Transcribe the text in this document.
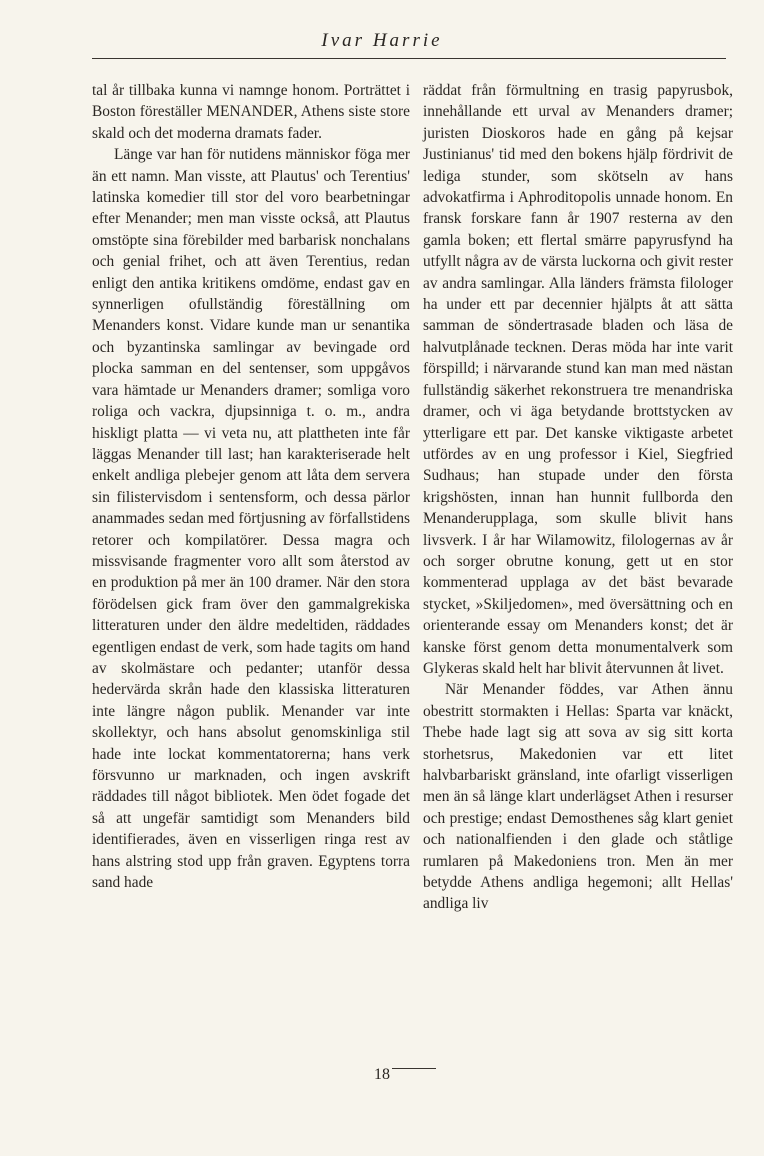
Ivar Harrie

tal år tillbaka kunna vi namnge honom. Porträttet i Boston föreställer MENANDER, Athens siste store skald och det moderna dramats fader.

Länge var han för nutidens människor föga mer än ett namn. Man visste, att Plautus' och Terentius' latinska komedier till stor del voro bearbetningar efter Menander; men man visste också, att Plautus omstöpte sina förebilder med barbarisk nonchalans och genial frihet, och att även Terentius, redan enligt den antika kritikens omdöme, endast gav en synnerligen ofullständig föreställning om Menanders konst. Vidare kunde man ur senantika och byzantinska samlingar av bevingade ord plocka samman en del sentenser, som uppgåvos vara hämtade ur Menanders dramer; somliga voro roliga och vackra, djupsinniga t. o. m., andra hiskligt platta — vi veta nu, att plattheten inte får läggas Menander till last; han karakteriserade helt enkelt andliga plebejer genom att låta dem servera sin filistervisdom i sentensform, och dessa pärlor anammades sedan med förtjusning av förfallstidens retorer och kompilatörer. Dessa magra och missvisande fragmenter voro allt som återstod av en produktion på mer än 100 dramer. När den stora förödelsen gick fram över den gammalgrekiska litteraturen under den äldre medeltiden, räddades egentligen endast de verk, som hade tagits om hand av skolmästare och pedanter; utanför dessa hedervärda skrån hade den klassiska litteraturen inte längre någon publik. Menander var inte skollektyr, och hans absolut genomskinliga stil hade inte lockat kommentatorerna; hans verk försvunno ur marknaden, och ingen avskrift räddades till något bibliotek. Men ödet fogade det så att ungefär samtidigt som Menanders bild identifierades, även en visserligen ringa rest av hans alstring stod upp från graven. Egyptens torra sand hade

räddat från förmultning en trasig papyrusbok, innehållande ett urval av Menanders dramer; juristen Dioskoros hade en gång på kejsar Justinianus' tid med den bokens hjälp fördrivit de lediga stunder, som skötseln av hans advokatfirma i Aphroditopolis unnade honom. En fransk forskare fann år 1907 resterna av den gamla boken; ett flertal smärre papyrusfynd ha utfyllt några av de värsta luckorna och givit rester av andra samlingar. Alla länders främsta filologer ha under ett par decennier hjälpts åt att sätta samman de söndertrasade bladen och läsa de halvutplånade tecknen. Deras möda har inte varit förspilld; i närvarande stund kan man med nästan fullständig säkerhet rekonstruera tre menandriska dramer, och vi äga betydande brottstycken av ytterligare ett par. Det kanske viktigaste arbetet utfördes av en ung professor i Kiel, Siegfried Sudhaus; han stupade under den första krigshösten, innan han hunnit fullborda den Menanderupplaga, som skulle blivit hans livsverk. I år har Wilamowitz, filologernas av år och sorger obrutne konung, gett ut en stor kommenterad upplaga av det bäst bevarade stycket, »Skiljedomen», med översättning och en orienterande essay om Menanders konst; det är kanske först genom detta monumentalverk som Glykeras skald helt har blivit återvunnen åt livet.

När Menander föddes, var Athen ännu obestritt stormakten i Hellas: Sparta var knäckt, Thebe hade lagt sig att sova av sig sitt korta storhetsrus, Makedonien var ett litet halvbarbariskt gränsland, inte ofarligt visserligen men än så länge klart underlägset Athen i resurser och prestige; endast Demosthenes såg klart geniet och nationalfienden i den glade och ståtlige rumlaren på Makedoniens tron. Men än mer betydde Athens andliga hegemoni; allt Hellas' andliga liv

18
